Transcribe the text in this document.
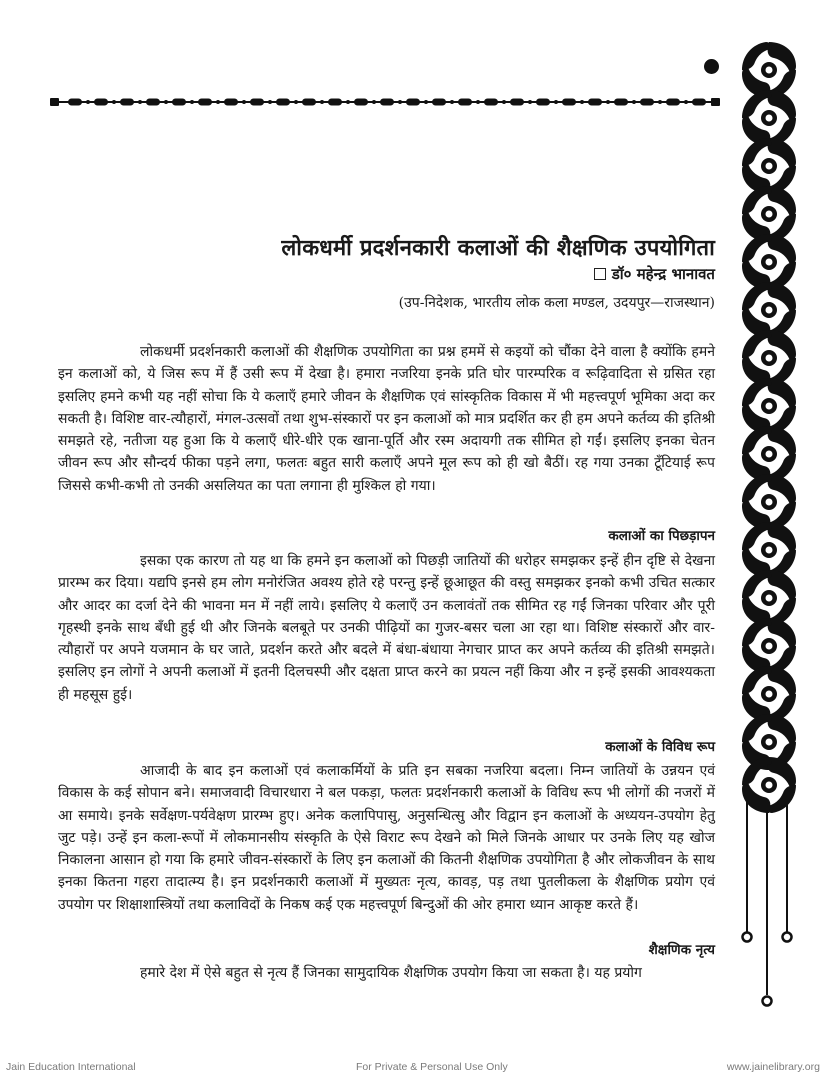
लोकधर्मी प्रदर्शनकारी कलाओं की शैक्षणिक उपयोगिता
डॉ० महेन्द्र भानावत
(उप-निदेशक, भारतीय लोक कला मण्डल, उदयपुर—राजस्थान)

लोकधर्मी प्रदर्शनकारी कलाओं की शैक्षणिक उपयोगिता का प्रश्न हममें से कइयों को चौंका देने वाला है क्योंकि हमने इन कलाओं को, ये जिस रूप में हैं उसी रूप में देखा है। हमारा नजरिया इनके प्रति घोर पारम्परिक व रूढ़िवादिता से ग्रसित रहा इसलिए हमने कभी यह नहीं सोचा कि ये कलाएँ हमारे जीवन के शैक्षणिक एवं सांस्कृतिक विकास में भी महत्त्वपूर्ण भूमिका अदा कर सकती है। विशिष्ट वार-त्यौहारों, मंगल-उत्सवों तथा शुभ-संस्कारों पर इन कलाओं को मात्र प्रदर्शित कर ही हम अपने कर्तव्य की इतिश्री समझते रहे, नतीजा यह हुआ कि ये कलाएँ धीरे-धीरे एक खाना-पूर्ति और रस्म अदायगी तक सीमित हो गईं। इसलिए इनका चेतन जीवन रूप और सौन्दर्य फीका पड़ने लगा, फलतः बहुत सारी कलाएँ अपने मूल रूप को ही खो बैठीं। रह गया उनका टूँटियाई रूप जिससे कभी-कभी तो उनकी असलियत का पता लगाना ही मुश्किल हो गया।

कलाओं का पिछड़ापन

इसका एक कारण तो यह था कि हमने इन कलाओं को पिछड़ी जातियों की धरोहर समझकर इन्हें हीन दृष्टि से देखना प्रारम्भ कर दिया। यद्यपि इनसे हम लोग मनोरंजित अवश्य होते रहे परन्तु इन्हें छूआछूत की वस्तु समझकर इनको कभी उचित सत्कार और आदर का दर्जा देने की भावना मन में नहीं लाये। इसलिए ये कलाएँ उन कलावंतों तक सीमित रह गईं जिनका परिवार और पूरी गृहस्थी इनके साथ बँधी हुई थी और जिनके बलबूते पर उनकी पीढ़ियों का गुजर-बसर चला आ रहा था। विशिष्ट संस्कारों और वार-त्यौहारों पर अपने यजमान के घर जाते, प्रदर्शन करते और बदले में बंधा-बंधाया नेगचार प्राप्त कर अपने कर्तव्य की इतिश्री समझते। इसलिए इन लोगों ने अपनी कलाओं में इतनी दिलचस्पी और दक्षता प्राप्त करने का प्रयत्न नहीं किया और न इन्हें इसकी आवश्यकता ही महसूस हुई।

कलाओं के विविध रूप

आजादी के बाद इन कलाओं एवं कलाकर्मियों के प्रति इन सबका नजरिया बदला। निम्न जातियों के उन्नयन एवं विकास के कई सोपान बने। समाजवादी विचारधारा ने बल पकड़ा, फलतः प्रदर्शनकारी कलाओं के विविध रूप भी लोगों की नजरों में आ समाये। इनके सर्वेक्षण-पर्यवेक्षण प्रारम्भ हुए। अनेक कलापिपासु, अनुसन्धित्सु और विद्वान इन कलाओं के अध्ययन-उपयोग हेतु जुट पड़े। उन्हें इन कला-रूपों में लोकमानसीय संस्कृति के ऐसे विराट रूप देखने को मिले जिनके आधार पर उनके लिए यह खोज निकालना आसान हो गया कि हमारे जीवन-संस्कारों के लिए इन कलाओं की कितनी शैक्षणिक उपयोगिता है और लोकजीवन के साथ इनका कितना गहरा तादात्म्य है। इन प्रदर्शनकारी कलाओं में मुख्यतः नृत्य, कावड़, पड़ तथा पुतलीकला के शैक्षणिक प्रयोग एवं उपयोग पर शिक्षाशास्त्रियों तथा कलाविदों के निकष कई एक महत्त्वपूर्ण बिन्दुओं की ओर हमारा ध्यान आकृष्ट करते हैं।

शैक्षणिक नृत्य

हमारे देश में ऐसे बहुत से नृत्य हैं जिनका सामुदायिक शैक्षणिक उपयोग किया जा सकता है। यह प्रयोग

Jain Education International	For Private & Personal Use Only	www.jainelibrary.org
